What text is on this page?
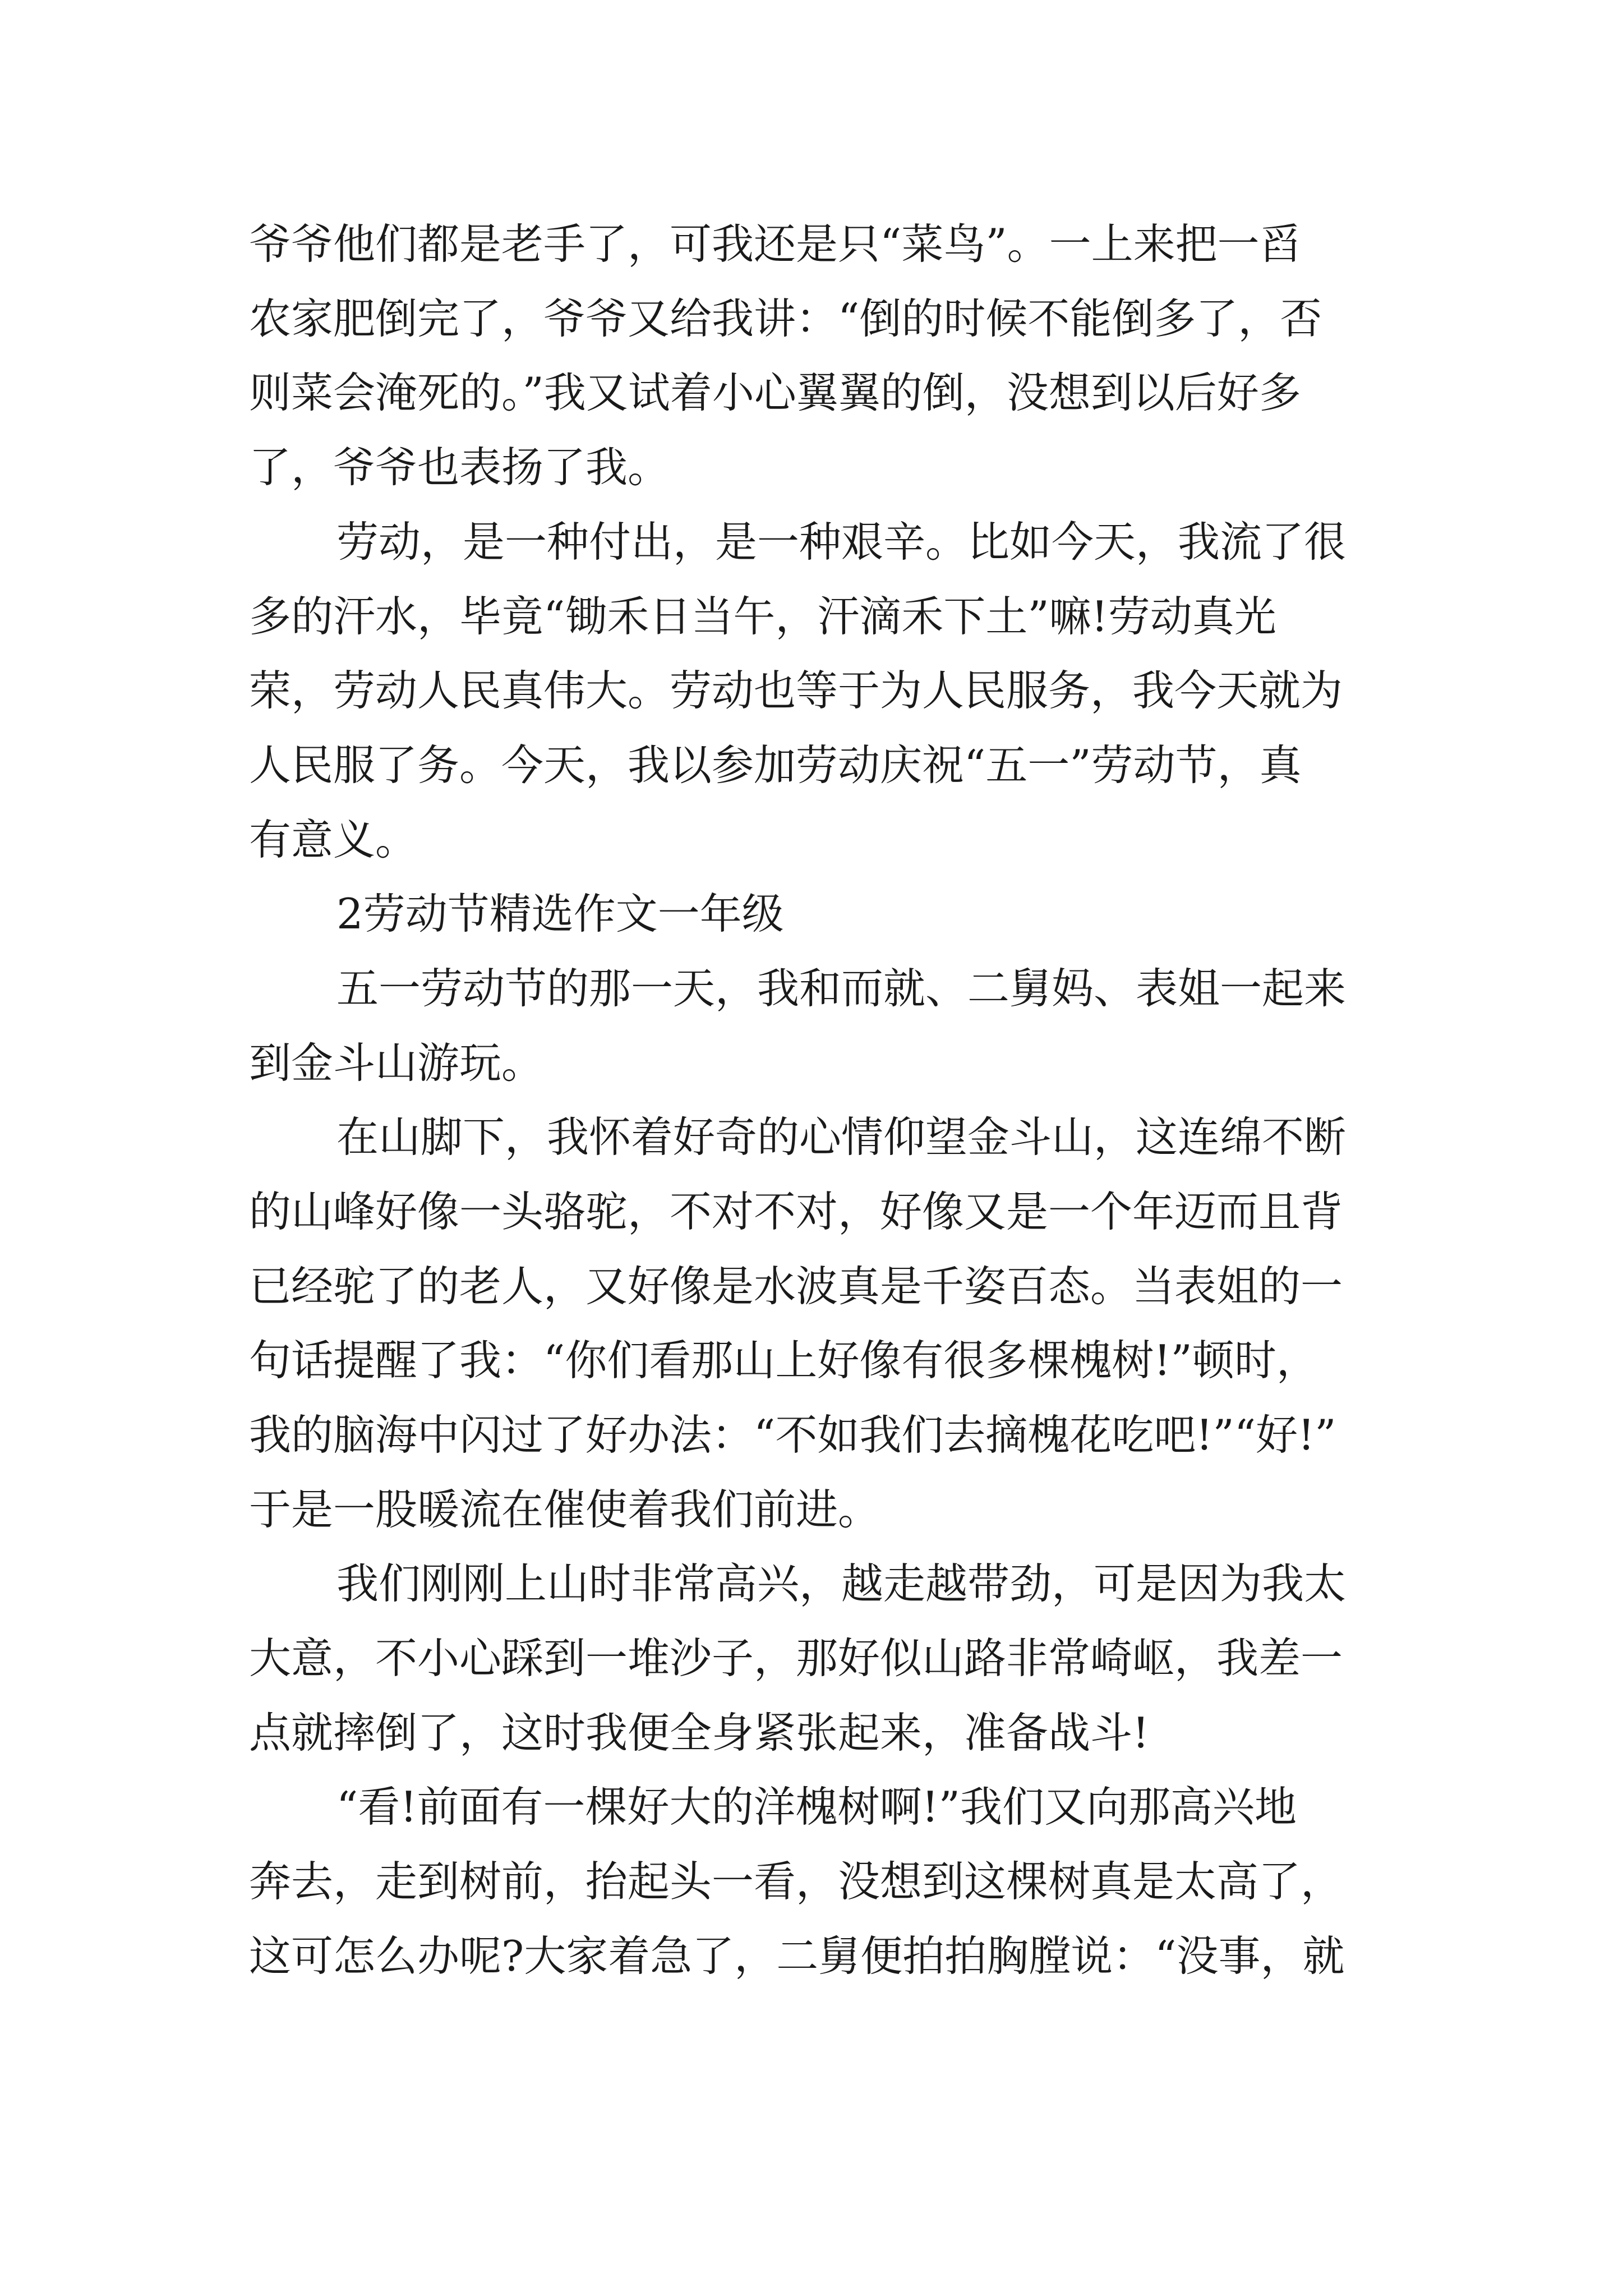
爷爷他们都是老手了，可我还是只“菜鸟”。一上来把一舀

农家肥倒完了，爷爷又给我讲：“倒的时候不能倒多了，否

则菜会淹死的。”我又试着小心翼翼的倒，没想到以后好多

了，爷爷也表扬了我。

劳动，是一种付出，是一种艰辛。比如今天，我流了很

多的汗水，毕竟“锄禾日当午，汗滴禾下土”嘛!劳动真光

荣，劳动人民真伟大。劳动也等于为人民服务，我今天就为

人民服了务。今天，我以参加劳动庆祝“五一”劳动节，真

有意义。

2劳动节精选作文一年级

五一劳动节的那一天，我和而就、二舅妈、表姐一起来

到金斗山游玩。

在山脚下，我怀着好奇的心情仰望金斗山，这连绵不断

的山峰好像一头骆驼，不对不对，好像又是一个年迈而且背

已经驼了的老人，又好像是水波真是千姿百态。当表姐的一

句话提醒了我：“你们看那山上好像有很多棵槐树!”顿时，

我的脑海中闪过了好办法：“不如我们去摘槐花吃吧!”“好!”

于是一股暖流在催使着我们前进。

我们刚刚上山时非常高兴，越走越带劲，可是因为我太

大意，不小心踩到一堆沙子，那好似山路非常崎岖，我差一

点就摔倒了，这时我便全身紧张起来，准备战斗!

“看!前面有一棵好大的洋槐树啊!”我们又向那高兴地

奔去，走到树前，抬起头一看，没想到这棵树真是太高了，

这可怎么办呢?大家着急了，二舅便拍拍胸膛说：“没事，就
